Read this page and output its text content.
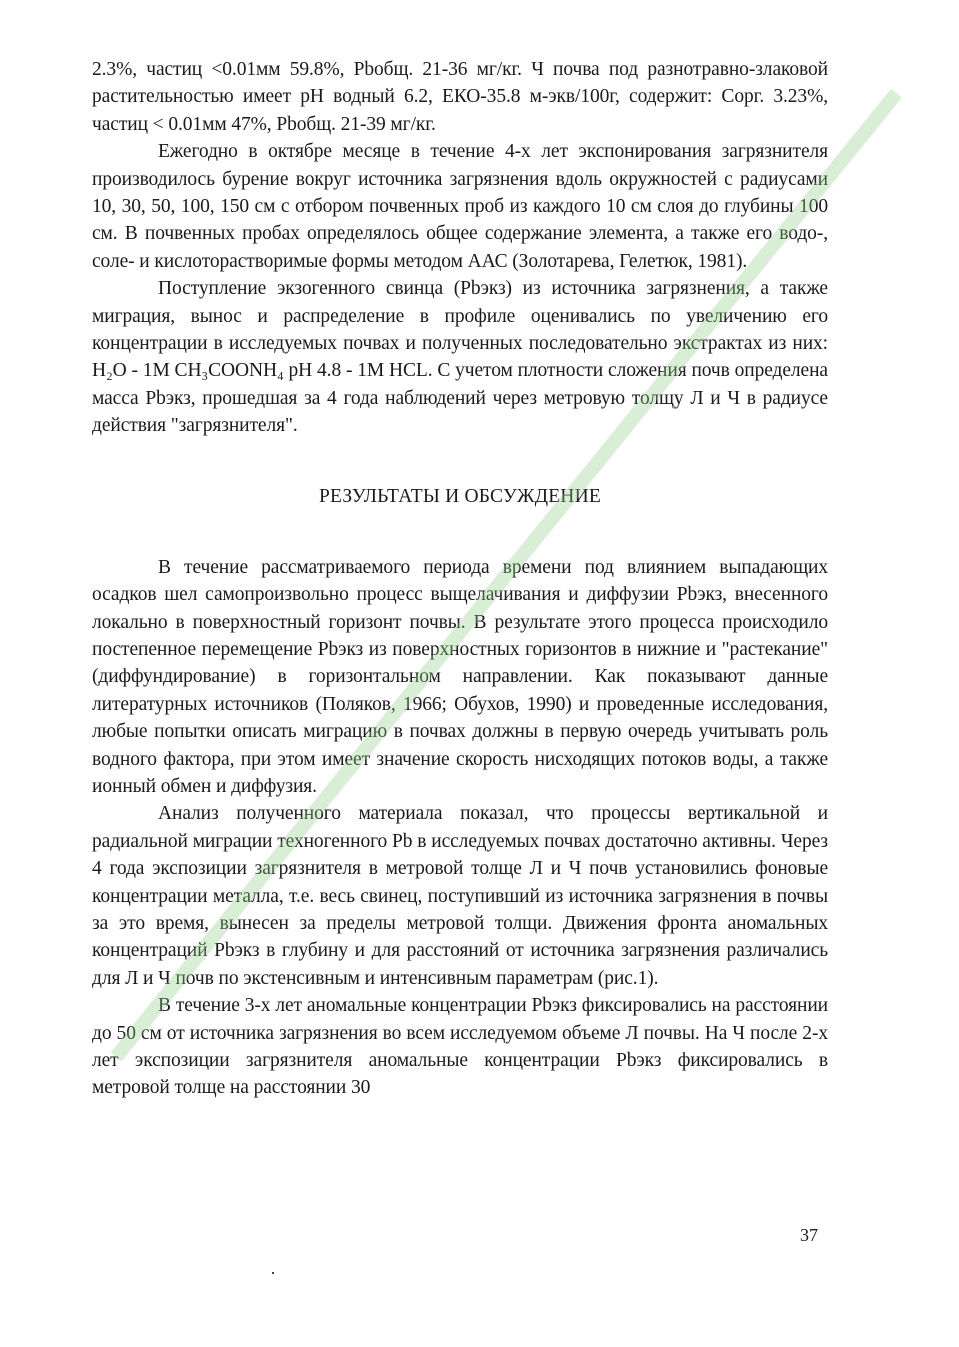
2.3%, частиц <0.01мм 59.8%, Pbобщ. 21-36 мг/кг. Ч почва под разнотравно-злаковой растительностью имеет pH водный 6.2, ЕКО-35.8 м-экв/100г, содержит: Сорг. 3.23%, частиц < 0.01мм 47%, Pbобщ. 21-39 мг/кг.

Ежегодно в октябре месяце в течение 4-х лет экспонирования загрязнителя производилось бурение вокруг источника загрязнения вдоль окружностей с радиусами 10, 30, 50, 100, 150 см с отбором почвенных проб из каждого 10 см слоя до глубины 100 см. В почвенных пробах определялось общее содержание элемента, а также его водо-, соле- и кислоторастворимые формы методом ААС (Золотарева, Гелетюк, 1981).

Поступление экзогенного свинца (Pbэкз) из источника загрязнения, а также миграция, вынос и распределение в профиле оценивались по увеличению его концентрации в исследуемых почвах и полученных последовательно экстрактах из них: H₂O - 1M CH₃COONH₄ pH 4.8 - 1M HCL. С учетом плотности сложения почв определена масса Pbэкз, прошедшая за 4 года наблюдений через метровую толщу Л и Ч в радиусе действия "загрязнителя".

РЕЗУЛЬТАТЫ И ОБСУЖДЕНИЕ

В течение рассматриваемого периода времени под влиянием выпадающих осадков шел самопроизвольно процесс выщелачивания и диффузии Pbэкз, внесенного локально в поверхностный горизонт почвы. В результате этого процесса происходило постепенное перемещение Pbэкз из поверхностных горизонтов в нижние и "растекание" (диффундирование) в горизонтальном направлении. Как показывают данные литературных источников (Поляков, 1966; Обухов, 1990) и проведенные исследования, любые попытки описать миграцию в почвах должны в первую очередь учитывать роль водного фактора, при этом имеет значение скорость нисходящих потоков воды, а также ионный обмен и диффузия.

Анализ полученного материала показал, что процессы вертикальной и радиальной миграции техногенного Pb в исследуемых почвах достаточно активны. Через 4 года экспозиции загрязнителя в метровой толще Л и Ч почв установились фоновые концентрации металла, т.е. весь свинец, поступивший из источника загрязнения в почвы за это время, вынесен за пределы метровой толщи. Движения фронта аномальных концентраций Pbэкз в глубину и для расстояний от источника загрязнения различались для Л и Ч почв по экстенсивным и интенсивным параметрам (рис.1).

В течение 3-х лет аномальные концентрации Pbэкз фиксировались на расстоянии до 50 см от источника загрязнения во всем исследуемом объеме Л почвы. На Ч после 2-х лет экспозиции загрязнителя аномальные концентрации Pbэкз фиксировались в метровой толще на расстоянии 30

37
